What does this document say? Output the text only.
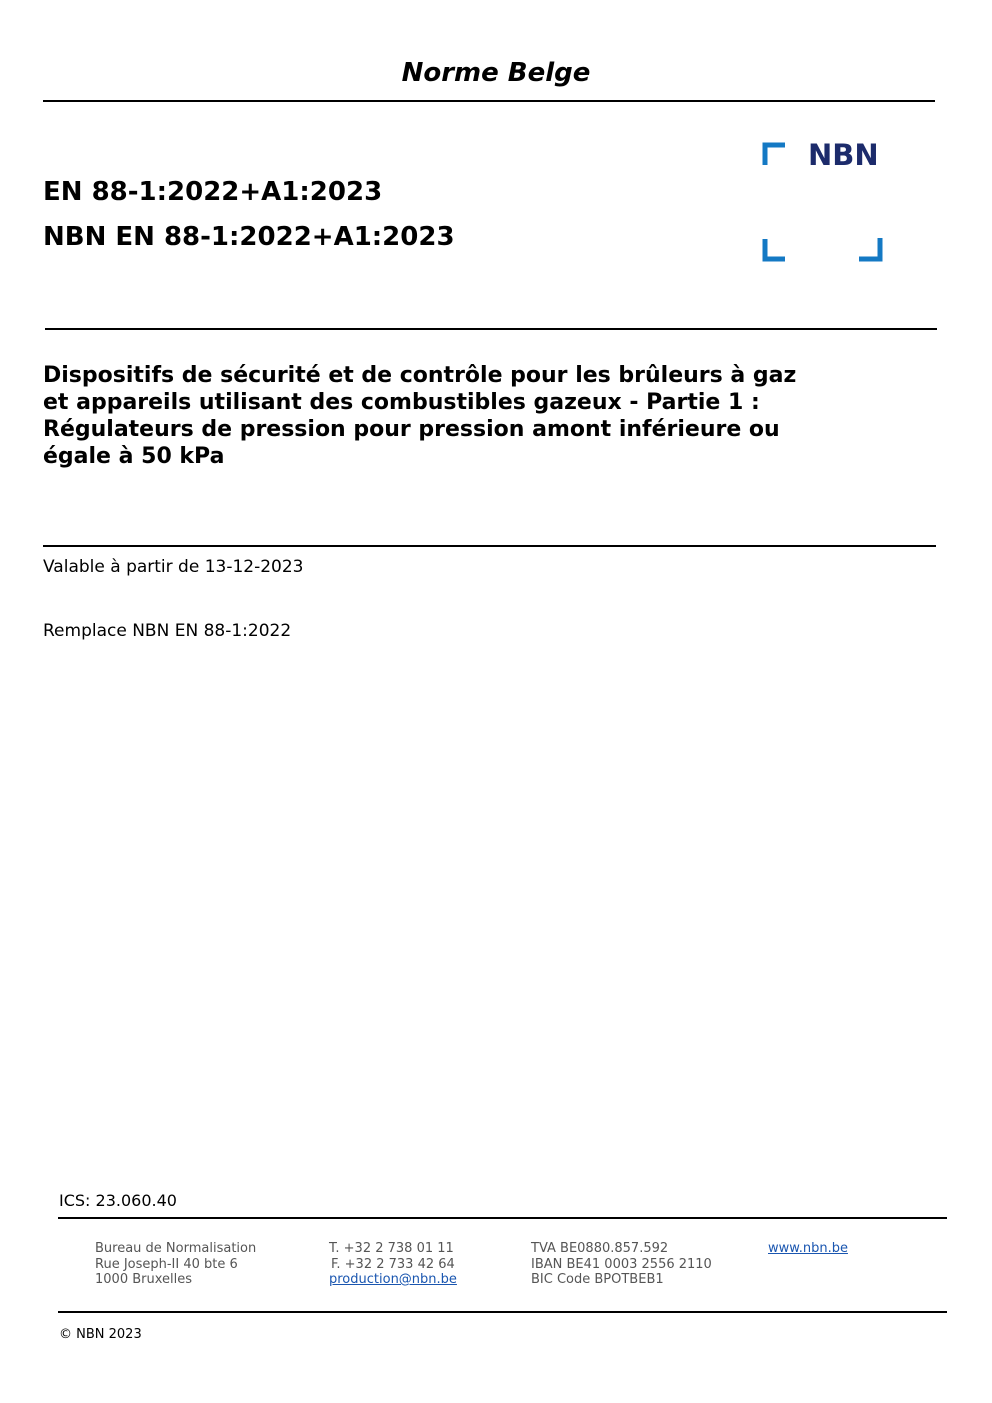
Norme Belge
EN 88-1:2022+A1:2023
NBN EN 88-1:2022+A1:2023
NBN
Dispositifs de sécurité et de contrôle pour les brûleurs à gaz
et appareils utilisant des combustibles gazeux - Partie 1 :
Régulateurs de pression pour pression amont inférieure ou
égale à 50 kPa
Valable à partir de 13-12-2023
Remplace NBN EN 88-1:2022
ICS: 23.060.40
Bureau de Normalisation
Rue Joseph-II 40 bte 6
1000 Bruxelles
T. +32 2 738 01 11
F. +32 2 733 42 64
production@nbn.be
TVA BE0880.857.592
IBAN BE41 0003 2556 2110
BIC Code BPOTBEB1
www.nbn.be
© NBN 2023
